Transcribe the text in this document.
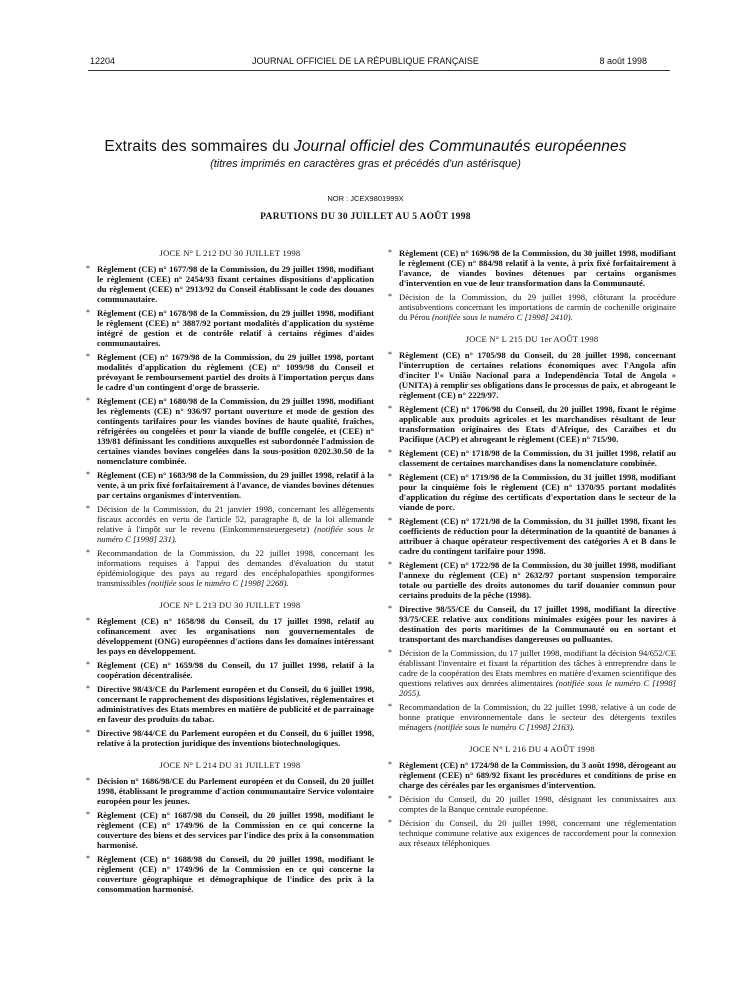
12204	JOURNAL OFFICIEL DE LA RÉPUBLIQUE FRANÇAISE	8 août 1998
Extraits des sommaires du Journal officiel des Communautés européennes
(titres imprimés en caractères gras et précédés d'un astérisque)
NOR : JCEX9801999X
PARUTIONS DU 30 JUILLET AU 5 AOÛT 1998
JOCE N° L 212 DU 30 JUILLET 1998
* Règlement (CE) n° 1677/98 de la Commission, du 29 juillet 1998, modifiant le règlement (CEE) n° 2454/93 fixant certaines dispositions d'application du règlement (CEE) n° 2913/92 du Conseil établissant le code des douanes communautaire.
* Règlement (CE) n° 1678/98 de la Commission, du 29 juillet 1998, modifiant le règlement (CEE) n° 3887/92 portant modalités d'application du système intégré de gestion et de contrôle relatif à certains régimes d'aides communautaires.
* Règlement (CE) n° 1679/98 de la Commission, du 29 juillet 1998, portant modalités d'application du règlement (CE) n° 1099/98 du Conseil et prévoyant le remboursement partiel des droits à l'importation perçus dans le cadre d'un contingent d'orge de brasserie.
* Règlement (CE) n° 1680/98 de la Commission, du 29 juillet 1998, modifiant les règlements (CE) n° 936/97 portant ouverture et mode de gestion des contingents tarifaires pour les viandes bovines de haute qualité, fraîches, réfrigérées ou congelées et pour la viande de buffle congelée, et (CEE) n° 139/81 définissant les conditions auxquelles est subordonnée l'admission de certaines viandes bovines congelées dans la sous-position 0202.30.50 de la nomenclature combinée.
* Règlement (CE) n° 1683/98 de la Commission, du 29 juillet 1998, relatif à la vente, à un prix fixé forfaitairement à l'avance, de viandes bovines détenues par certains organismes d'intervention.
* Décision de la Commission, du 21 janvier 1998, concernant les allégements fiscaux accordés en vertu de l'article 52, paragraphe 8, de la loi allemande relative à l'impôt sur le revenu (Einkommensteuergesetz) (notifiée sous le numéro C [1998] 231).
* Recommandation de la Commission, du 22 juillet 1998, concernant les informations requises à l'appui des demandes d'évaluation du statut épidémiologique des pays au regard des encéphalopathies spongiformes transmissibles (notifiée sous le numéro C [1998] 2268).
JOCE N° L 213 DU 30 JUILLET 1998
* Règlement (CE) n° 1658/98 du Conseil, du 17 juillet 1998, relatif au cofinancement avec les organisations non gouvernementales de développement (ONG) européennes d'actions dans les domaines intéressant les pays en développement.
* Règlement (CE) n° 1659/98 du Conseil, du 17 juillet 1998, relatif à la coopération décentralisée.
* Directive 98/43/CE du Parlement européen et du Conseil, du 6 juillet 1998, concernant le rapprochement des dispositions législatives, réglementaires et administratives des Etats membres en matière de publicité et de parrainage en faveur des produits du tabac.
* Directive 98/44/CE du Parlement européen et du Conseil, du 6 juillet 1998, relative à la protection juridique des inventions biotechnologiques.
JOCE N° L 214 DU 31 JUILLET 1998
* Décision n° 1686/98/CE du Parlement européen et du Conseil, du 20 juillet 1998, établissant le programme d'action communautaire Service volontaire européen pour les jeunes.
* Règlement (CE) n° 1687/98 du Conseil, du 20 juillet 1998, modifiant le règlement (CE) n° 1749/96 de la Commission en ce qui concerne la couverture des biens et des services par l'indice des prix à la consommation harmonisé.
* Règlement (CE) n° 1688/98 du Conseil, du 20 juillet 1998, modifiant le règlement (CE) n° 1749/96 de la Commission en ce qui concerne la couverture géographique et démographique de l'indice des prix à la consommation harmonisé.
* Règlement (CE) n° 1696/98 de la Commission, du 30 juillet 1998, modifiant le règlement (CE) n° 884/98 relatif à la vente, à prix fixé forfaitairement à l'avance, de viandes bovines détenues par certains organismes d'intervention en vue de leur transformation dans la Communauté.
* Décision de la Commission, du 29 juillet 1998, clôturant la procédure antisubventions concernant les importations de carmin de cochenille originaire du Pérou (notifiée sous le numéro C [1998] 2410).
JOCE N° L 215 DU 1er AOÛT 1998
* Règlement (CE) n° 1705/98 du Conseil, du 28 juillet 1998, concernant l'interruption de certaines relations économiques avec l'Angola afin d'inciter l'« União Nacional para a Independência Total de Angola » (UNITA) à remplir ses obligations dans le processus de paix, et abrogeant le règlement (CE) n° 2229/97.
* Règlement (CE) n° 1706/98 du Conseil, du 20 juillet 1998, fixant le régime applicable aux produits agricoles et les marchandises résultant de leur transformation originaires des Etats d'Afrique, des Caraïbes et du Pacifique (ACP) et abrogeant le règlement (CEE) n° 715/90.
* Règlement (CE) n° 1718/98 de la Commission, du 31 juillet 1998, relatif au classement de certaines marchandises dans la nomenclature combinée.
* Règlement (CE) n° 1719/98 de la Commission, du 31 juillet 1998, modifiant pour la cinquième fois le règlement (CE) n° 1370/95 portant modalités d'application du régime des certificats d'exportation dans le secteur de la viande de porc.
* Règlement (CE) n° 1721/98 de la Commission, du 31 juillet 1998, fixant les coefficients de réduction pour la détermination de la quantité de bananes à attribuer à chaque opérateur respectivement des catégories A et B dans le cadre du contingent tarifaire pour 1998.
* Règlement (CE) n° 1722/98 de la Commission, du 30 juillet 1998, modifiant l'annexe du règlement (CE) n° 2632/97 portant suspension temporaire totale ou partielle des droits autonomes du tarif douanier commun pour certains produits de la pêche (1998).
* Directive 98/55/CE du Conseil, du 17 juillet 1998, modifiant la directive 93/75/CEE relative aux conditions minimales exigées pour les navires à destination des ports maritimes de la Communauté ou en sortant et transportant des marchandises dangereuses ou polluantes.
* Décision de la Commission, du 17 juillet 1998, modifiant la décision 94/652/CE établissant l'inventaire et fixant la répartition des tâches à entreprendre dans le cadre de la coopération des Etats membres en matière d'examen scientifique des questions relatives aux denrées alimentaires (notifiée sous le numéro C [1998] 2055).
* Recommandation de la Commission, du 22 juillet 1998, relative à un code de bonne pratique environnementale dans le secteur des détergents textiles ménagers (notifiée sous le numéro C [1998] 2163).
JOCE N° L 216 DU 4 AOÛT 1998
* Règlement (CE) n° 1724/98 de la Commission, du 3 août 1998, dérogeant au règlement (CEE) n° 689/92 fixant les procédures et conditions de prise en charge des céréales par les organismes d'intervention.
* Décision du Conseil, du 20 juillet 1998, désignant les commissaires aux comptes de la Banque centrale européenne.
* Décision du Conseil, du 20 juillet 1998, concernant une réglementation technique commune relative aux exigences de raccordement pour la connexion aux réseaux téléphoniques
